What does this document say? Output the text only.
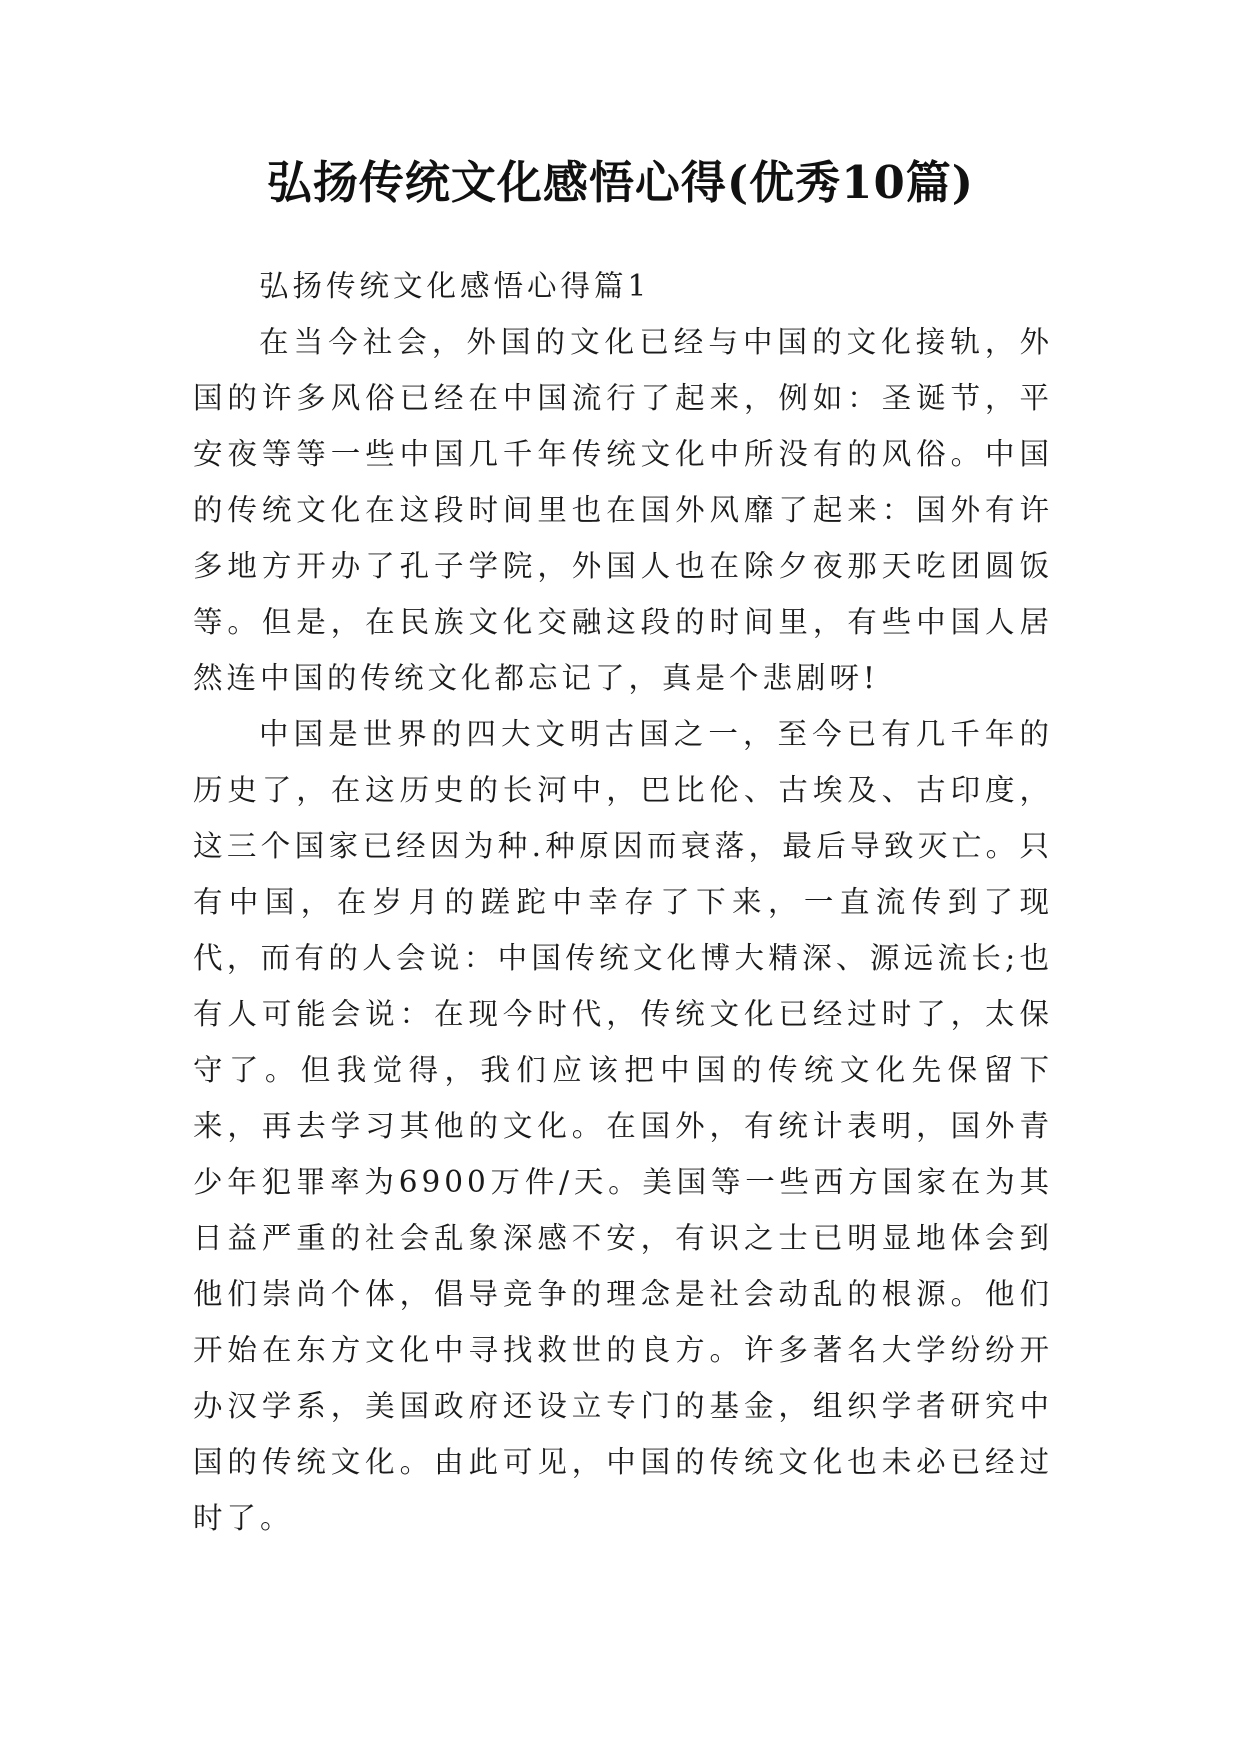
弘扬传统文化感悟心得(优秀10篇)

弘扬传统文化感悟心得篇1

在当今社会，外国的文化已经与中国的文化接轨，外国的许多风俗已经在中国流行了起来，例如：圣诞节，平安夜等等一些中国几千年传统文化中所没有的风俗。中国的传统文化在这段时间里也在国外风靡了起来：国外有许多地方开办了孔子学院，外国人也在除夕夜那天吃团圆饭等。但是，在民族文化交融这段的时间里，有些中国人居然连中国的传统文化都忘记了，真是个悲剧呀!

中国是世界的四大文明古国之一，至今已有几千年的历史了，在这历史的长河中，巴比伦、古埃及、古印度，这三个国家已经因为种.种原因而衰落，最后导致灭亡。只有中国，在岁月的蹉跎中幸存了下来，一直流传到了现代，而有的人会说：中国传统文化博大精深、源远流长;也有人可能会说：在现今时代，传统文化已经过时了，太保守了。但我觉得，我们应该把中国的传统文化先保留下来，再去学习其他的文化。在国外，有统计表明，国外青少年犯罪率为6900万件/天。美国等一些西方国家在为其日益严重的社会乱象深感不安，有识之士已明显地体会到他们崇尚个体，倡导竞争的理念是社会动乱的根源。他们开始在东方文化中寻找救世的良方。许多著名大学纷纷开办汉学系，美国政府还设立专门的基金，组织学者研究中国的传统文化。由此可见，中国的传统文化也未必已经过时了。
